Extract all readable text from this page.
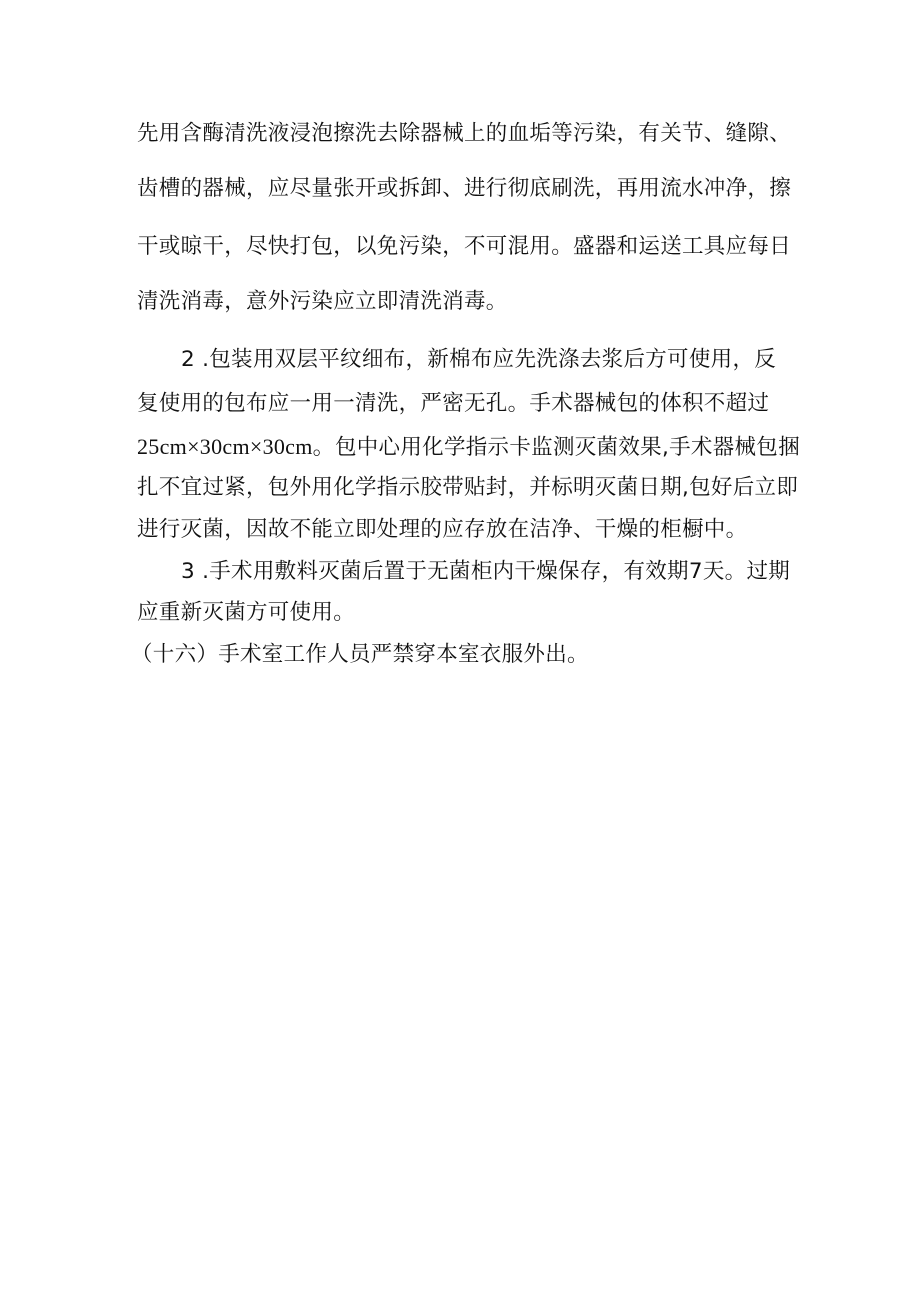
先用含酶清洗液浸泡擦洗去除器械上的血垢等污染，有关节、缝隙、
齿槽的器械，应尽量张开或拆卸、进行彻底刷洗，再用流水冲净，擦
干或晾干，尽快打包，以免污染，不可混用。盛器和运送工具应每日
清洗消毒，意外污染应立即清洗消毒。
2 .包装用双层平纹细布，新棉布应先洗涤去浆后方可使用，反
复使用的包布应一用一清洗，严密无孔。手术器械包的体积不超过
25cm×30cm×30cm。包中心用化学指示卡监测灭菌效果,手术器械包捆
扎不宜过紧，包外用化学指示胶带贴封，并标明灭菌日期,包好后立即
进行灭菌，因故不能立即处理的应存放在洁净、干燥的柜橱中。
3 .手术用敷料灭菌后置于无菌柜内干燥保存，有效期7天。过期
应重新灭菌方可使用。
（十六）手术室工作人员严禁穿本室衣服外出。
